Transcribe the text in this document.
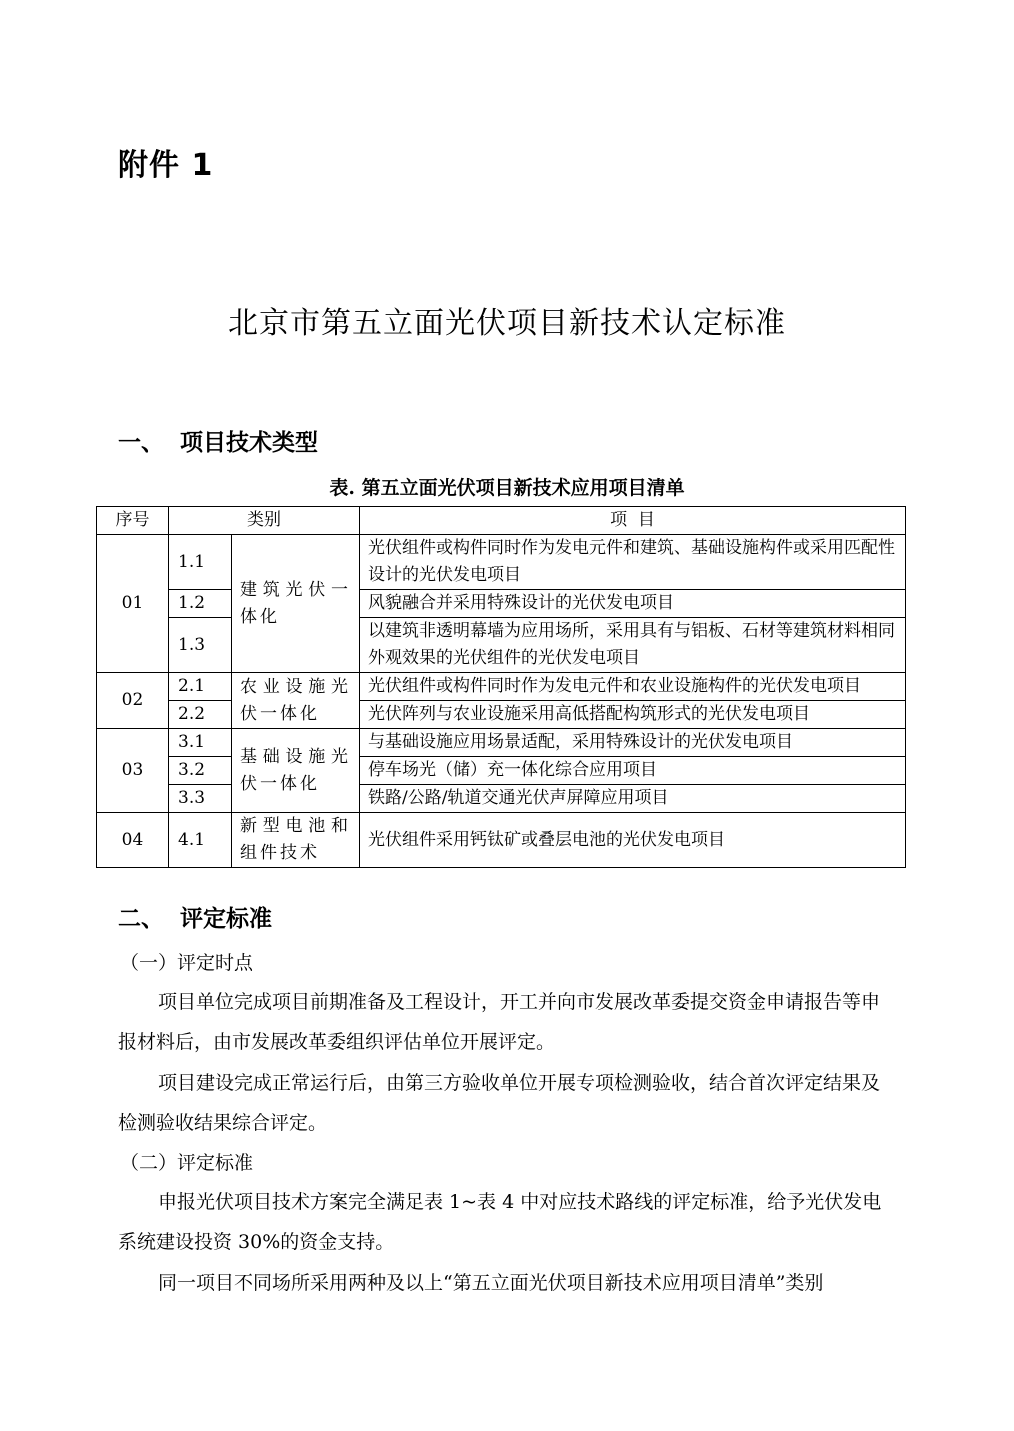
附件 1
北京市第五立面光伏项目新技术认定标准
一、 项目技术类型
表. 第五立面光伏项目新技术应用项目清单
序号	类别		项  目
01	1.1	建筑光伏一体化	光伏组件或构件同时作为发电元件和建筑、基础设施构件或采用匹配性设计的光伏发电项目
	1.2		风貌融合并采用特殊设计的光伏发电项目
	1.3		以建筑非透明幕墙为应用场所，采用具有与铝板、石材等建筑材料相同外观效果的光伏组件的光伏发电项目
02	2.1	农业设施光伏一体化	光伏组件或构件同时作为发电元件和农业设施构件的光伏发电项目
	2.2		光伏阵列与农业设施采用高低搭配构筑形式的光伏发电项目
03	3.1	基础设施光伏一体化	与基础设施应用场景适配，采用特殊设计的光伏发电项目
	3.2		停车场光（储）充一体化综合应用项目
	3.3		铁路/公路/轨道交通光伏声屏障应用项目
04	4.1	新型电池和组件技术	光伏组件采用钙钛矿或叠层电池的光伏发电项目
二、 评定标准
（一）评定时点
项目单位完成项目前期准备及工程设计，开工并向市发展改革委提交资金申请报告等申报材料后，由市发展改革委组织评估单位开展评定。
项目建设完成正常运行后，由第三方验收单位开展专项检测验收，结合首次评定结果及检测验收结果综合评定。
（二）评定标准
申报光伏项目技术方案完全满足表 1~表 4 中对应技术路线的评定标准，给予光伏发电系统建设投资 30%的资金支持。
同一项目不同场所采用两种及以上“第五立面光伏项目新技术应用项目清单”类别
